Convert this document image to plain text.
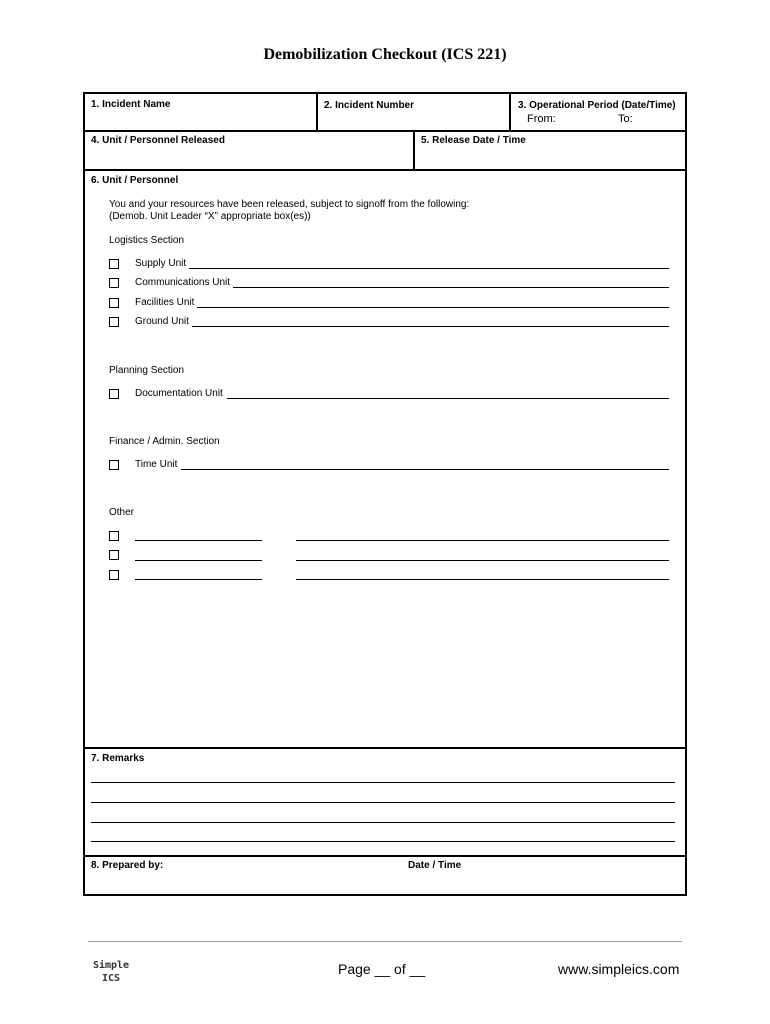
Demobilization Checkout (ICS 221)
1. Incident Name	2. Incident Number	3. Operational Period (Date/Time)
From:	To:
4. Unit / Personnel Released	5. Release Date / Time
6. Unit / Personnel
You and your resources have been released, subject to signoff from the following:
(Demob. Unit Leader “X” appropriate box(es))
Logistics Section
Supply Unit
Communications Unit
Facilities Unit
Ground Unit
Planning Section
Documentation Unit
Finance / Admin. Section
Time Unit
Other
7. Remarks
8. Prepared by:	Date / Time
Simple
ICS
Page __ of __	www.simpleics.com
